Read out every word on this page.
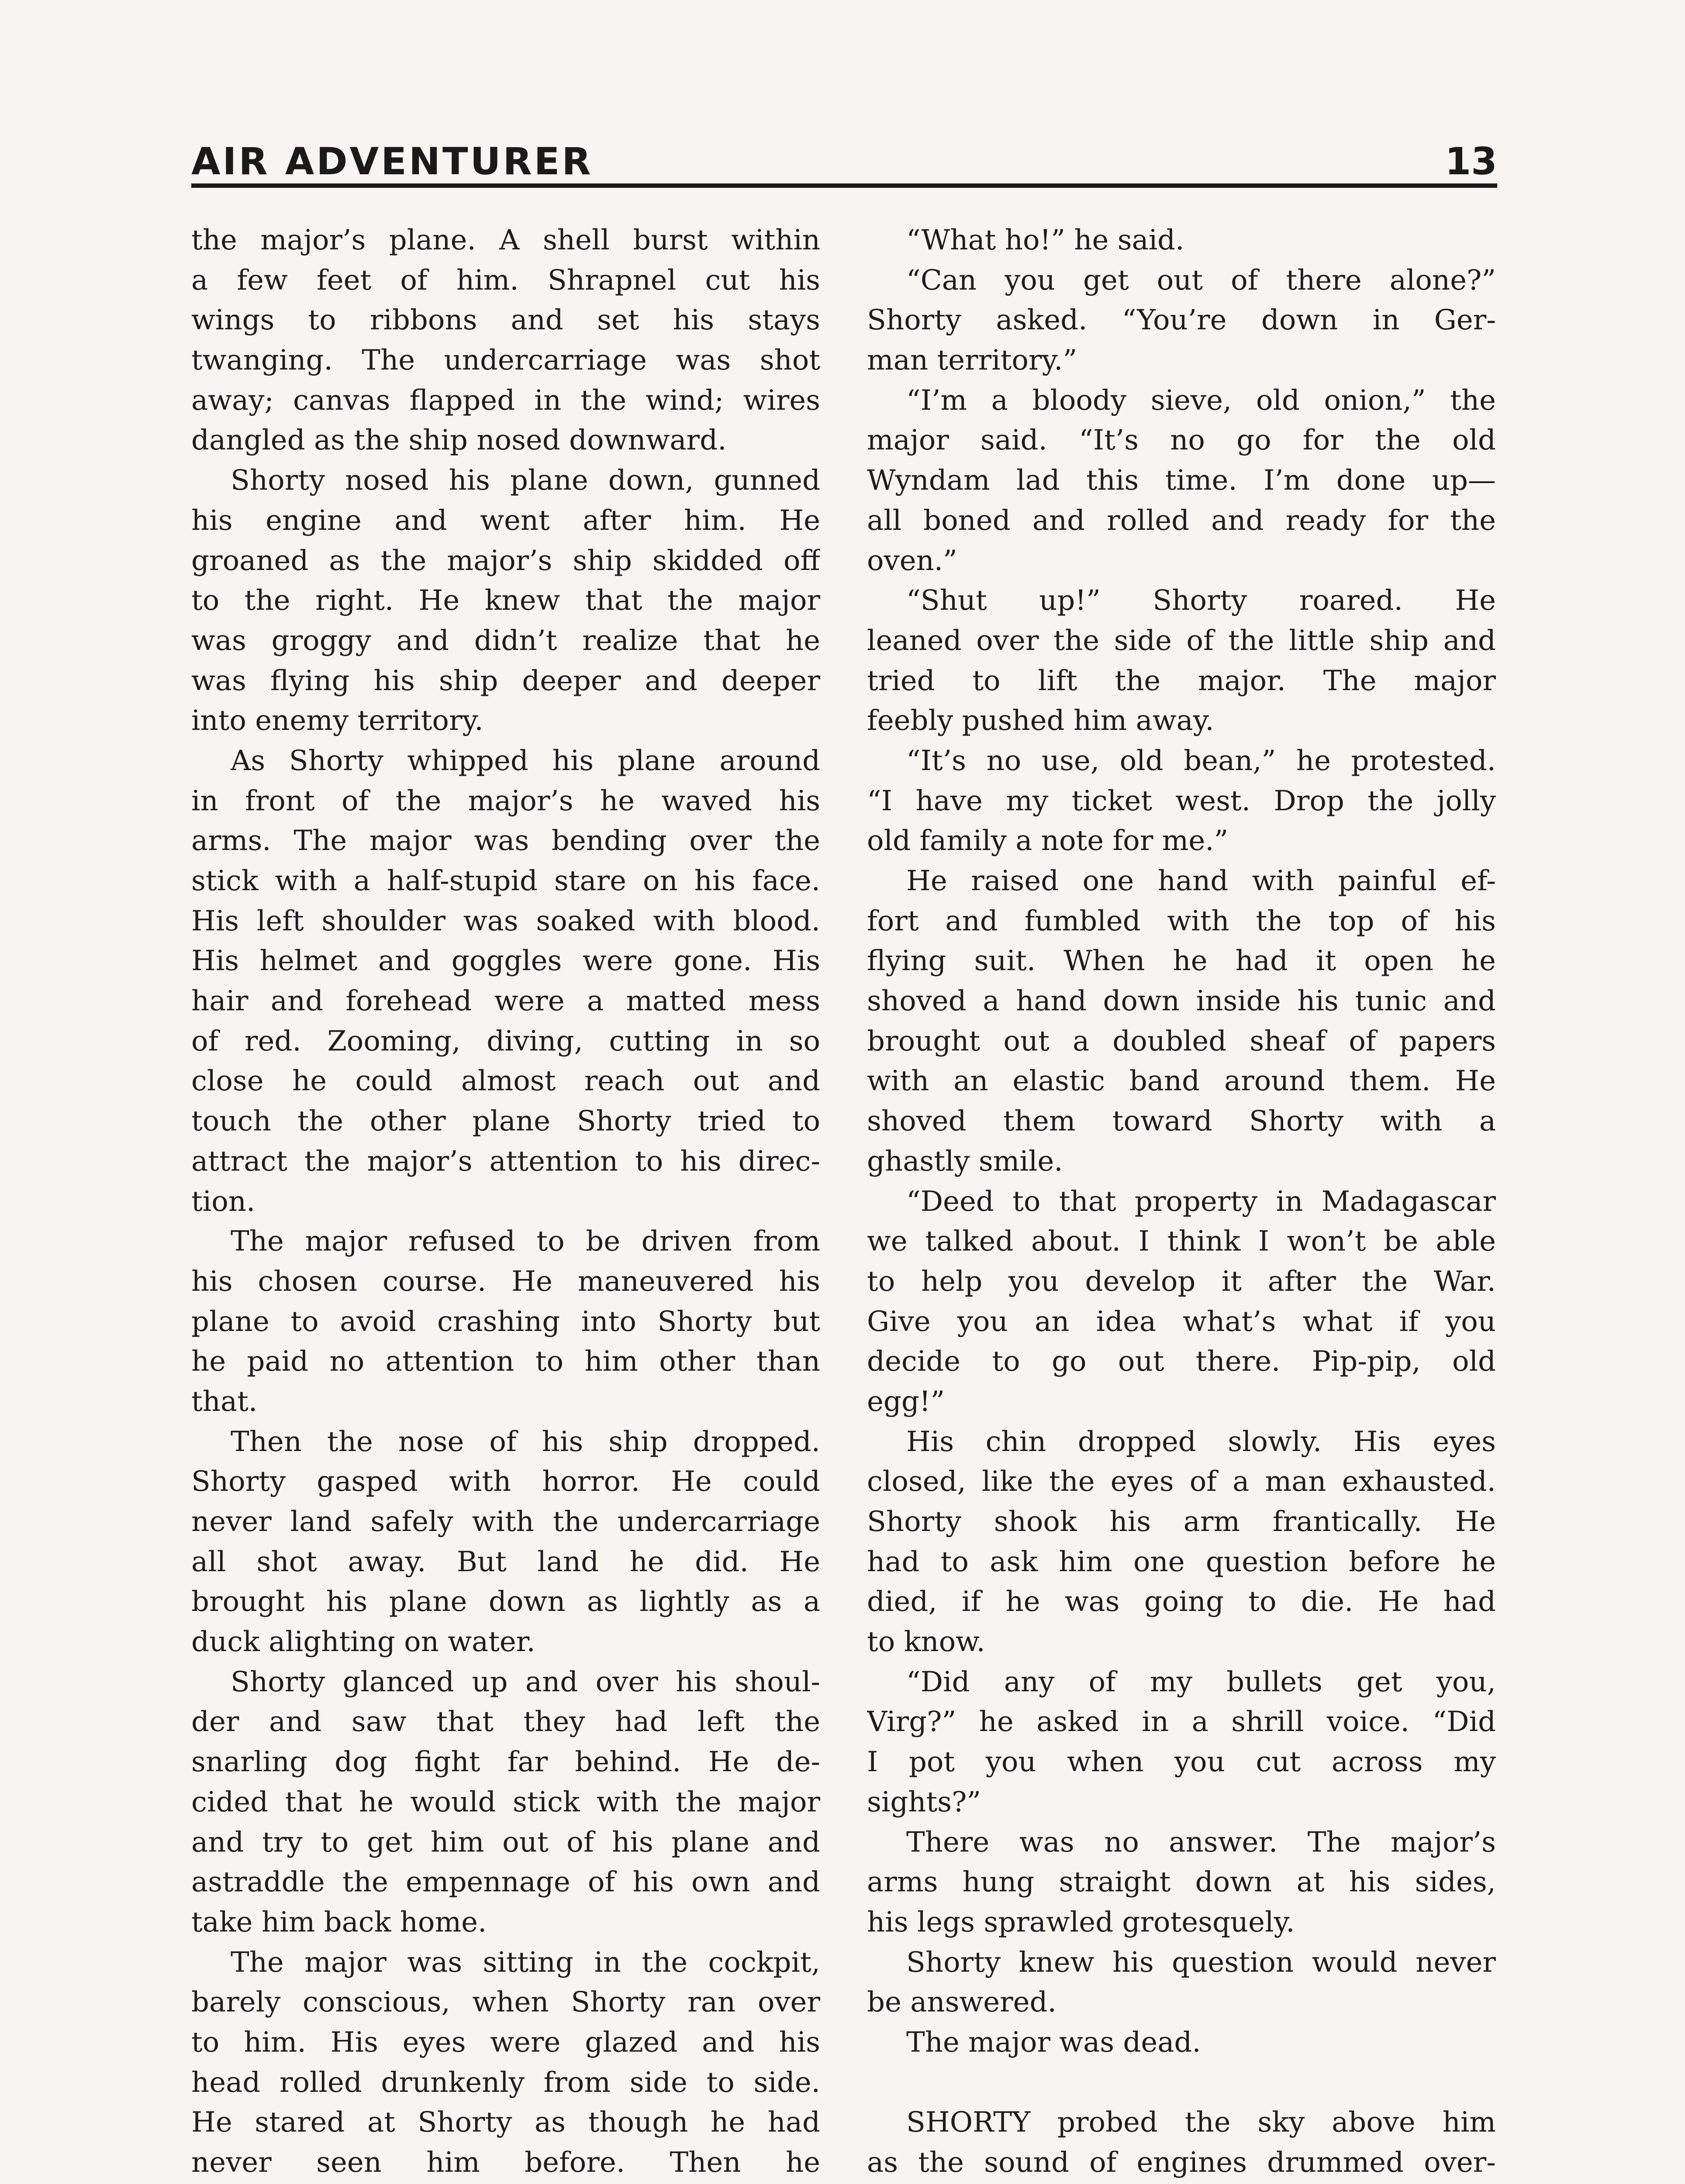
AIR ADVENTURER	13
the major’s plane. A shell burst within
a few feet of him. Shrapnel cut his
wings to ribbons and set his stays
twanging. The undercarriage was shot
away; canvas flapped in the wind; wires
dangled as the ship nosed downward.
Shorty nosed his plane down, gunned
his engine and went after him. He
groaned as the major’s ship skidded off
to the right. He knew that the major
was groggy and didn’t realize that he
was flying his ship deeper and deeper
into enemy territory.
As Shorty whipped his plane around
in front of the major’s he waved his
arms. The major was bending over the
stick with a half-stupid stare on his face.
His left shoulder was soaked with blood.
His helmet and goggles were gone. His
hair and forehead were a matted mess
of red. Zooming, diving, cutting in so
close he could almost reach out and
touch the other plane Shorty tried to
attract the major’s attention to his direc-
tion.
The major refused to be driven from
his chosen course. He maneuvered his
plane to avoid crashing into Shorty but
he paid no attention to him other than
that.
Then the nose of his ship dropped.
Shorty gasped with horror. He could
never land safely with the undercarriage
all shot away. But land he did. He
brought his plane down as lightly as a
duck alighting on water.
Shorty glanced up and over his shoul-
der and saw that they had left the
snarling dog fight far behind. He de-
cided that he would stick with the major
and try to get him out of his plane and
astraddle the empennage of his own and
take him back home.
The major was sitting in the cockpit,
barely conscious, when Shorty ran over
to him. His eyes were glazed and his
head rolled drunkenly from side to side.
He stared at Shorty as though he had
never seen him before. Then he
“What ho!” he said.
“Can you get out of there alone?”
Shorty asked. “You’re down in Ger-
man territory.”
“I’m a bloody sieve, old onion,” the
major said. “It’s no go for the old
Wyndam lad this time. I’m done up—
all boned and rolled and ready for the
oven.”
“Shut up!” Shorty roared. He
leaned over the side of the little ship and
tried to lift the major. The major
feebly pushed him away.
“It’s no use, old bean,” he protested.
“I have my ticket west. Drop the jolly
old family a note for me.”
He raised one hand with painful ef-
fort and fumbled with the top of his
flying suit. When he had it open he
shoved a hand down inside his tunic and
brought out a doubled sheaf of papers
with an elastic band around them. He
shoved them toward Shorty with a
ghastly smile.
“Deed to that property in Madagascar
we talked about. I think I won’t be able
to help you develop it after the War.
Give you an idea what’s what if you
decide to go out there. Pip-pip, old
egg!”
His chin dropped slowly. His eyes
closed, like the eyes of a man exhausted.
Shorty shook his arm frantically. He
had to ask him one question before he
died, if he was going to die. He had
to know.
“Did any of my bullets get you,
Virg?” he asked in a shrill voice. “Did
I pot you when you cut across my
sights?”
There was no answer. The major’s
arms hung straight down at his sides,
his legs sprawled grotesquely.
Shorty knew his question would never
be answered.
The major was dead.
SHORTY probed the sky above him
as the sound of engines drummed over-
